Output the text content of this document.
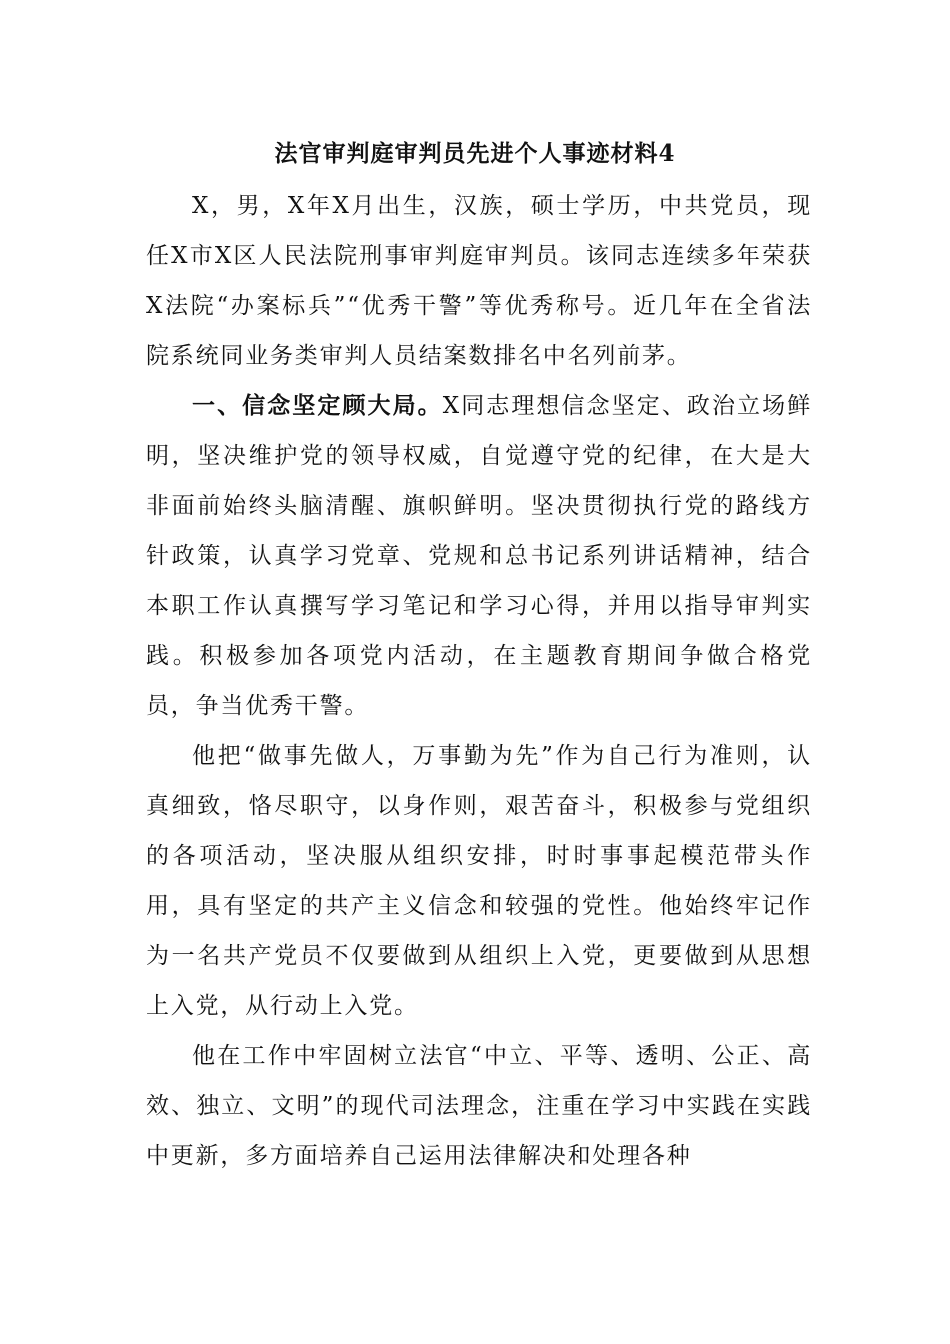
法官审判庭审判员先进个人事迹材料4

X，男，X年X月出生，汉族，硕士学历，中共党员，现任X市X区人民法院刑事审判庭审判员。该同志连续多年荣获X法院“办案标兵”“优秀干警”等优秀称号。近几年在全省法院系统同业务类审判人员结案数排名中名列前茅。

一、信念坚定顾大局。X同志理想信念坚定、政治立场鲜明，坚决维护党的领导权威，自觉遵守党的纪律，在大是大非面前始终头脑清醒、旗帜鲜明。坚决贯彻执行党的路线方针政策，认真学习党章、党规和总书记系列讲话精神，结合本职工作认真撰写学习笔记和学习心得，并用以指导审判实践。积极参加各项党内活动，在主题教育期间争做合格党员，争当优秀干警。

他把“做事先做人，万事勤为先”作为自己行为准则，认真细致，恪尽职守，以身作则，艰苦奋斗，积极参与党组织的各项活动，坚决服从组织安排，时时事事起模范带头作用，具有坚定的共产主义信念和较强的党性。他始终牢记作为一名共产党员不仅要做到从组织上入党，更要做到从思想上入党，从行动上入党。

他在工作中牢固树立法官“中立、平等、透明、公正、高效、独立、文明”的现代司法理念，注重在学习中实践在实践中更新，多方面培养自己运用法律解决和处理各种
